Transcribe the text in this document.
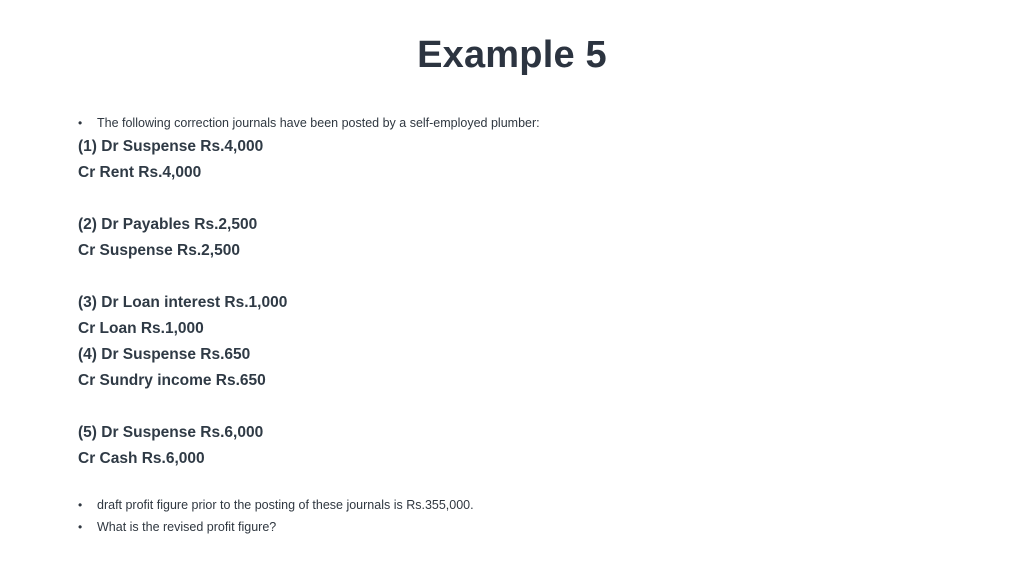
Example 5
•	The following correction journals have been posted by a self-employed plumber:
(1) Dr Suspense Rs.4,000
Cr Rent Rs.4,000
(2) Dr Payables Rs.2,500
Cr Suspense Rs.2,500
(3) Dr Loan interest Rs.1,000
Cr Loan Rs.1,000
(4) Dr Suspense Rs.650
Cr Sundry income Rs.650
(5) Dr Suspense Rs.6,000
Cr Cash Rs.6,000
•	draft profit figure prior to the posting of these journals is Rs.355,000.
•	What is the revised profit figure?
